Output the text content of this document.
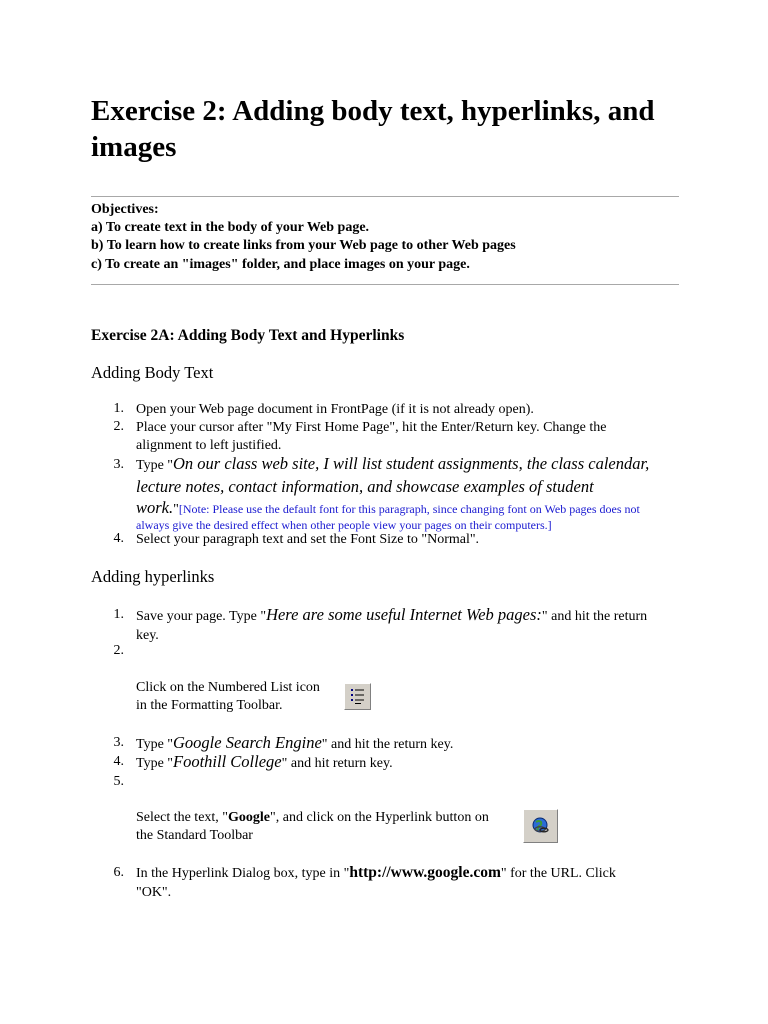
Exercise 2: Adding body text, hyperlinks, and images
Objectives:
a) To create text in the body of your Web page.
b) To learn how to create links from your Web page to other Web pages
c) To create an "images" folder, and place images on your page.
Exercise 2A: Adding Body Text and Hyperlinks
Adding Body Text
1. Open your Web page document in FrontPage (if it is not already open).
2. Place your cursor after "My First Home Page", hit the Enter/Return key. Change the
alignment to left justified.
3. Type "On our class web site, I will list student assignments, the class calendar,
lecture notes, contact information, and showcase examples of student
work."[Note: Please use the default font for this paragraph, since changing font on Web pages does not
always give the desired effect when other people view your pages on their computers.]
4. Select your paragraph text and set the Font Size to "Normal".
Adding hyperlinks
1. Save your page. Type "Here are some useful Internet Web pages:" and hit the return
key.
2.
Click on the Numbered List icon
in the Formatting Toolbar.
3. Type "Google Search Engine" and hit the return key.
4. Type "Foothill College" and hit return key.
5.
Select the text, "Google", and click on the Hyperlink button on
the Standard Toolbar
6. In the Hyperlink Dialog box, type in "http://www.google.com" for the URL. Click
"OK".
